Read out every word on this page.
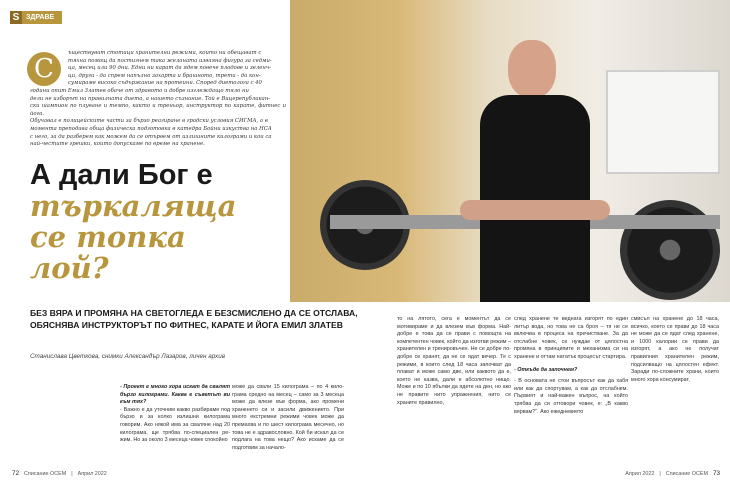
S ЗДРАВЕ
С
ъществуват стотици хранителни режими, които ни обещават с
тяхна помощ да постигнем така желаната изваяна фигура за седми-
ца, месец или 90 дни. Едни ни карат да ядем повече плодове и зеленч-
ци, други - да спрем напълно захарта и брашното, трети - да кон-
сумираме високо съдържание на протеини. Според диетолога с 40
години опит Емил Златев обаче от здравото и добре изглеждащо тяло ни
дели не изборът на правилната диета, а нашето съзнание. Той е Вицерепубликан-
ски шампион по плуване и темпо, както и треньор, инструктор по карате, фитнес и йога.
Обучавал е полицейските части за бързо реагиране в градски условия СИГМА, а в
момента преподава обща физическа подготовка в катедра Бойни изкуства на НСА
с него, за да разберем как можем да се отървем от излишните килограми и кои са
най-честите грешки, които допускаме по време на хранене.
А дали Бог е
търкаляща
се топка
лой?
БЕЗ ВЯРА И ПРОМЯНА НА СВЕТОГЛЕДА Е БЕЗСМИСЛЕНО ДА СЕ ОТСЛАВА, ОБЯСНЯВА ИНСТРУКТОРЪТ ПО ФИТНЕС, КАРАТЕ И ЙОГА ЕМИЛ ЗЛАТЕВ
Станислава Цветкова, снимки Александър Лазаров, личен архив
- Проект е много хора искат да свалят бързо килограми. Каква е съветът ви към тях?
- Важно е да уточним какво разбираме под бързо и за колко излишни килограма говорим. Ако някой има за сваляне над 20 килограма, ще трябва по-специален ре-жим. Но за около 3 месеца човек спокойно
може да свали 15 килограма – по 4 кило-грама средно на месец – само за 3 месеца може да влезе във форма, ако промени храненето си и засили движението. При много екстремни режими човек може да премахва и по шест килограма месечно, но това не е здравословно. Кой би искал да се подлага на това нещо? Ако искаме да се подготвим за начало-
то на лятото, сега е моментът да се мотивираме и да влезем във форма. Най-добре е това да се прави с помощта на компетентен човек, който да изготви режим – хранителен и тренировъчен. Не се добре по-добре се хранят, да не се ядат вечер. Те с режими, в които след 18 часа започват да плават и може само две, или каквото да е, което не казва, дали е абсолютно нищо. Може и по 10 ябълки да ядете на ден, но ако не правите нито упражнения, нито се храните правилно,
след хранене те веднага изгорят по един литър вода, но това не са броя – тя не се включва в процеса на пречистване. За да отслабне човек, се нуждае от цялостна промяна в принципите и механизма си на хранене и оттам нататък процесът стартира.
- Откъде да започнем?
- В основата не стои въпросът как да хабя или как да спортувам, а как да отслабнем. Първият и най-важен въпрос, на който трябва да си отговори човек, е: „В какво вярвам?". Ако ежедневието
смисъл на хранене до 18 часа, всичко, което се прави до 18 часа не може да се ядат след хранене, и 1000 калории се прави да изгорят, а ако не получат правилния хранителен режим, подсилващо на цялостен ефект. Заради по-сложните храни, които много хора консумират,
72 Списание ОСЕМ | Април 2022	Април 2022 | Списание ОСЕМ 73
